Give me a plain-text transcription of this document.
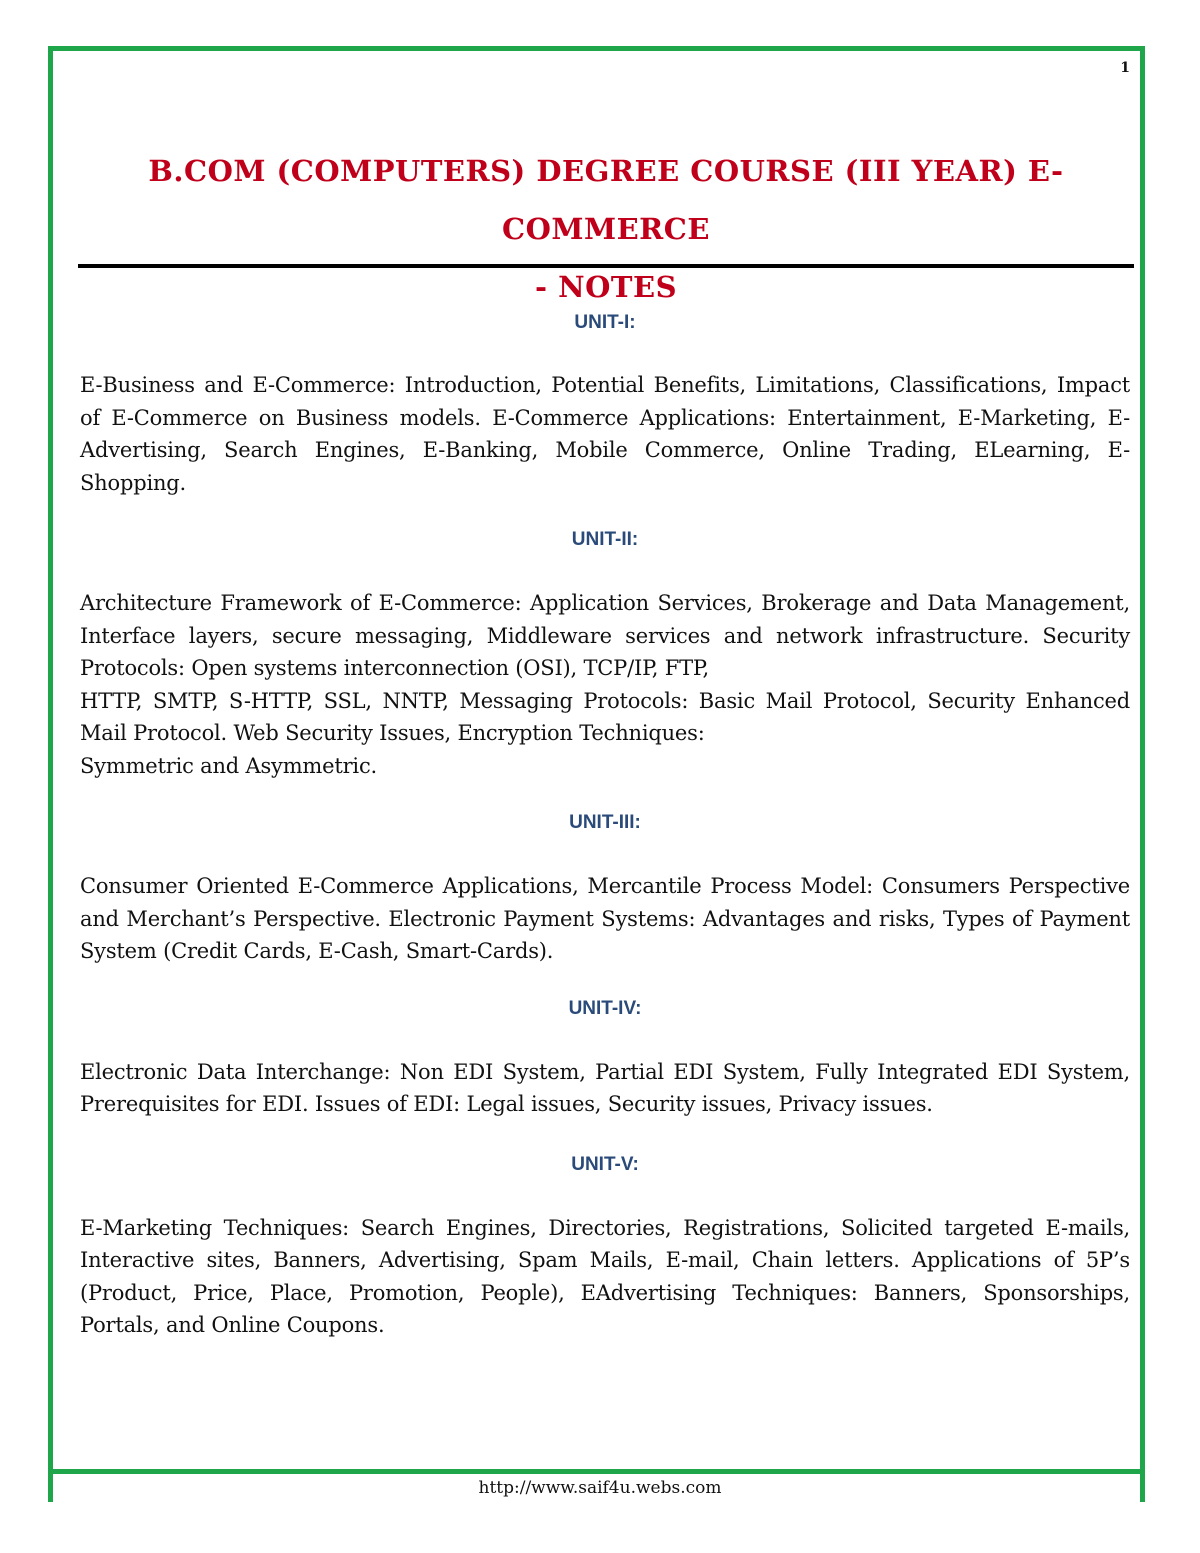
1
B.COM (COMPUTERS) DEGREE COURSE (III YEAR) E-COMMERCE
- NOTES
UNIT-I:

E-Business and E-Commerce: Introduction, Potential Benefits, Limitations, Classifications, Impact of E-Commerce on Business models. E-Commerce Applications: Entertainment, E-Marketing, E-Advertising, Search Engines, E-Banking, Mobile Commerce, Online Trading, ELearning, E-Shopping.

UNIT-II:

Architecture Framework of E-Commerce: Application Services, Brokerage and Data Management, Interface layers, secure messaging, Middleware services and network infrastructure. Security Protocols: Open systems interconnection (OSI), TCP/IP, FTP,

HTTP, SMTP, S-HTTP, SSL, NNTP, Messaging Protocols: Basic Mail Protocol, Security Enhanced Mail Protocol. Web Security Issues, Encryption Techniques:

Symmetric and Asymmetric.

UNIT-III:

Consumer Oriented E-Commerce Applications, Mercantile Process Model: Consumers Perspective and Merchant’s Perspective. Electronic Payment Systems: Advantages and risks, Types of Payment System (Credit Cards, E-Cash, Smart-Cards).

UNIT-IV:

Electronic Data Interchange: Non EDI System, Partial EDI System, Fully Integrated EDI System, Prerequisites for EDI. Issues of EDI: Legal issues, Security issues, Privacy issues.

UNIT-V:

E-Marketing Techniques: Search Engines, Directories, Registrations, Solicited targeted E-mails, Interactive sites, Banners, Advertising, Spam Mails, E-mail, Chain letters. Applications of 5P’s (Product, Price, Place, Promotion, People), EAdvertising Techniques: Banners, Sponsorships, Portals, and Online Coupons.

http://www.saif4u.webs.com
